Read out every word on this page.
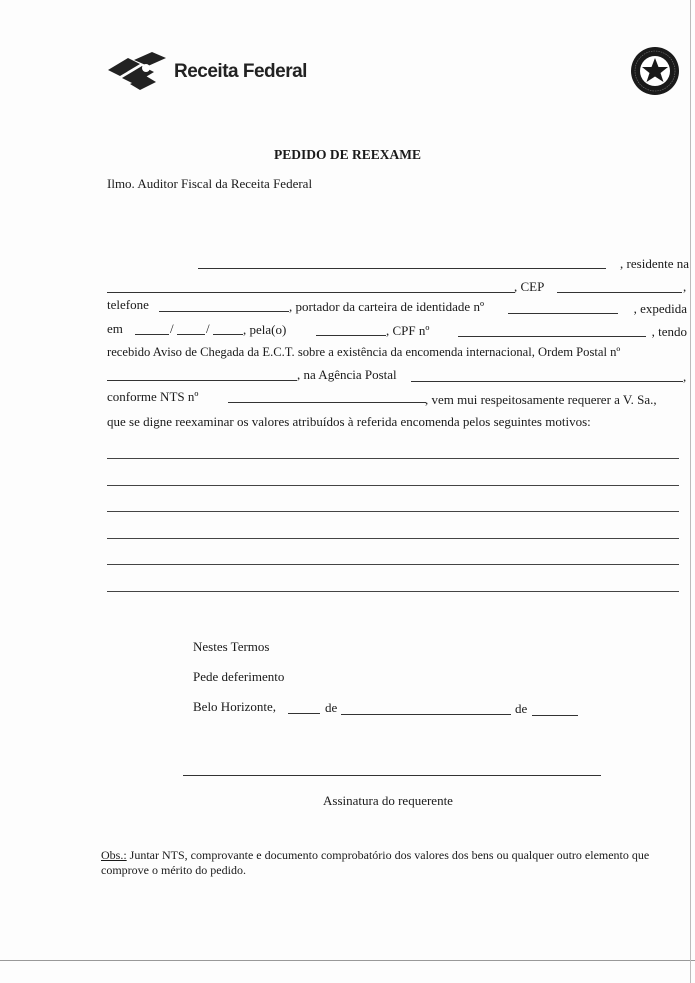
Receita Federal
PEDIDO DE REEXAME
Ilmo. Auditor Fiscal da Receita Federal
, residente na
, CEP	,
telefone	, portador da carteira de identidade nº	, expedida
em	/ /	, pela(o)	, CPF nº	, tendo
recebido Aviso de Chegada da E.C.T. sobre a existência da encomenda internacional, Ordem Postal nº
, na Agência Postal	,
conforme NTS nº	, vem mui respeitosamente requerer a V. Sa.,
que se digne reexaminar os valores atribuídos à referida encomenda pelos seguintes motivos:
Nestes Termos
Pede deferimento
Belo Horizonte,	de	de
Assinatura do requerente
Obs.: Juntar NTS, comprovante e documento comprobatório dos valores dos bens ou qualquer outro elemento que comprove o mérito do pedido.
